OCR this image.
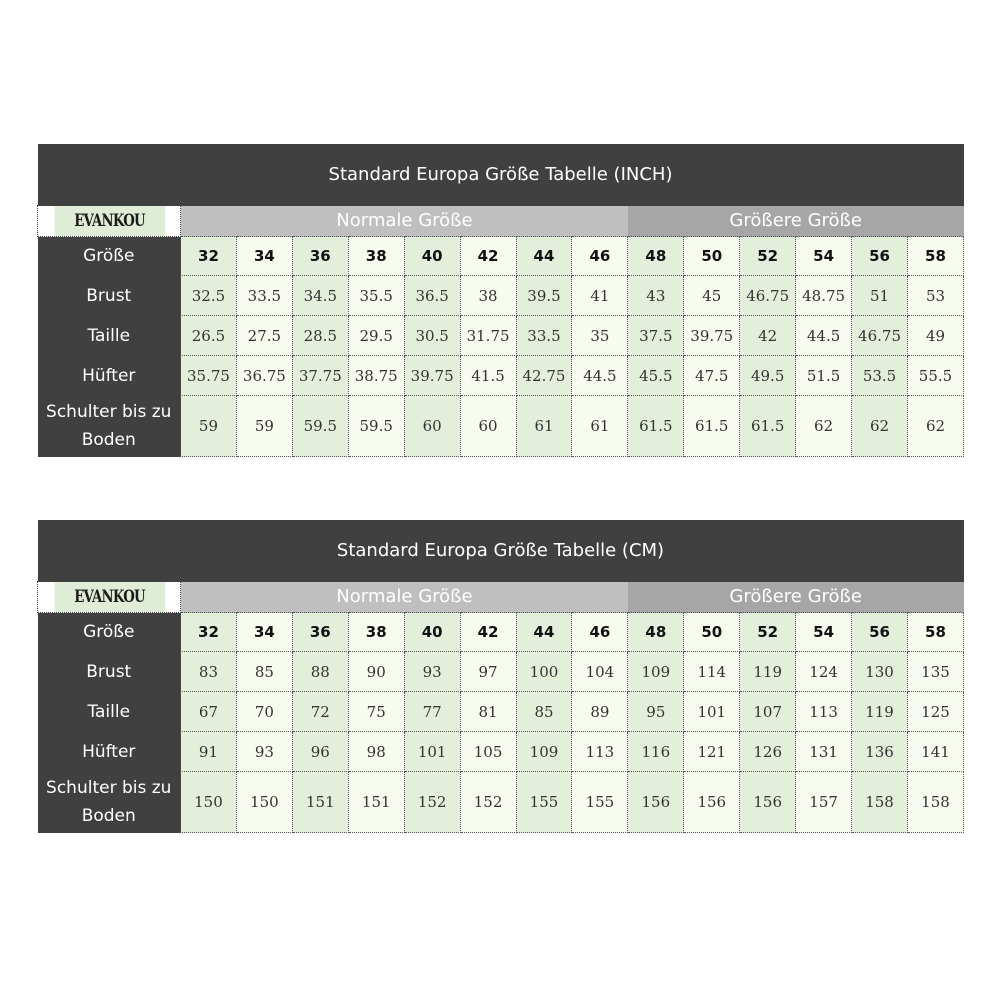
Standard Europa Größe Tabelle (INCH)														
EVANKOU	Normale Größe								Größere Größe					
Größe	32	34	36	38	40	42	44	46	48	50	52	54	56	58
Brust	32.5	33.5	34.5	35.5	36.5	38	39.5	41	43	45	46.75	48.75	51	53
Taille	26.5	27.5	28.5	29.5	30.5	31.75	33.5	35	37.5	39.75	42	44.5	46.75	49
Hüfter	35.75	36.75	37.75	38.75	39.75	41.5	42.75	44.5	45.5	47.5	49.5	51.5	53.5	55.5
Schulter bis zu Boden	59	59	59.5	59.5	60	60	61	61	61.5	61.5	61.5	62	62	62
Standard Europa Größe Tabelle (CM)														
EVANKOU	Normale Größe								Größere Größe					
Größe	32	34	36	38	40	42	44	46	48	50	52	54	56	58
Brust	83	85	88	90	93	97	100	104	109	114	119	124	130	135
Taille	67	70	72	75	77	81	85	89	95	101	107	113	119	125
Hüfter	91	93	96	98	101	105	109	113	116	121	126	131	136	141
Schulter bis zu Boden	150	150	151	151	152	152	155	155	156	156	156	157	158	158
